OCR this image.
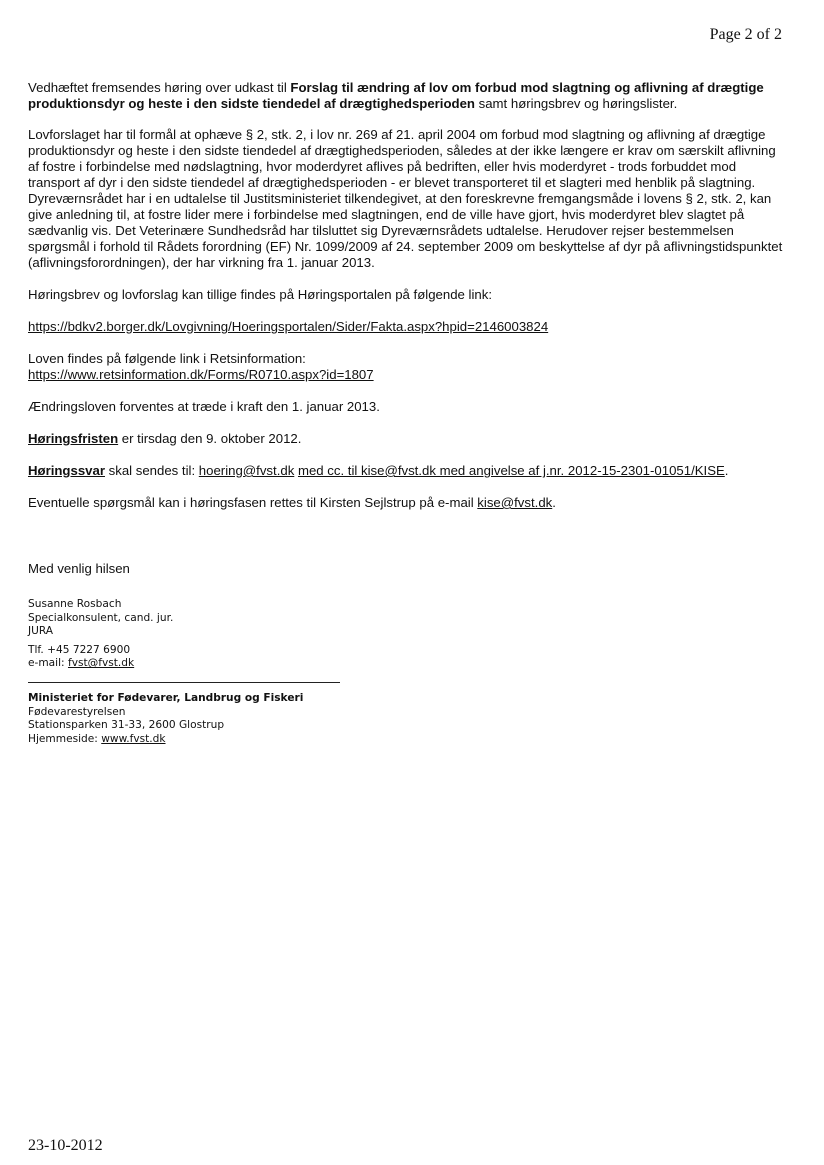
Page 2 of 2

Vedhæftet fremsendes høring over udkast til Forslag til ændring af lov om forbud mod slagtning og aflivning af drægtige produktionsdyr og heste i den sidste tiendedel af drægtighedsperioden samt høringsbrev og høringslister.

Lovforslaget har til formål at ophæve § 2, stk. 2, i lov nr. 269 af 21. april 2004 om forbud mod slagtning og aflivning af drægtige produktionsdyr og heste i den sidste tiendedel af drægtighedsperioden, således at der ikke længere er krav om særskilt aflivning af fostre i forbindelse med nødslagtning, hvor moderdyret aflives på bedriften, eller hvis moderdyret - trods forbuddet mod transport af dyr i den sidste tiendedel af drægtighedsperioden - er blevet transporteret til et slagteri med henblik på slagtning. Dyreværnsrådet har i en udtalelse til Justitsministeriet tilkendegivet, at den foreskrevne fremgangsmåde i lovens § 2, stk. 2, kan give anledning til, at fostre lider mere i forbindelse med slagtningen, end de ville have gjort, hvis moderdyret blev slagtet på sædvanlig vis. Det Veterinære Sundhedsråd har tilsluttet sig Dyreværnsrådets udtalelse. Herudover rejser bestemmelsen spørgsmål i forhold til Rådets forordning (EF) Nr. 1099/2009 af 24. september 2009 om beskyttelse af dyr på aflivningstidspunktet (aflivningsforordningen), der har virkning fra 1. januar 2013.

Høringsbrev og lovforslag kan tillige findes på Høringsportalen på følgende link:

https://bdkv2.borger.dk/Lovgivning/Hoeringsportalen/Sider/Fakta.aspx?hpid=2146003824

Loven findes på følgende link i Retsinformation:

https://www.retsinformation.dk/Forms/R0710.aspx?id=1807

Ændringsloven forventes at træde i kraft den 1. januar 2013.

Høringsfristen er tirsdag den 9. oktober 2012.

Høringssvar skal sendes til: hoering@fvst.dk med cc. til kise@fvst.dk med angivelse af j.nr. 2012-15-2301-01051/KISE.

Eventuelle spørgsmål kan i høringsfasen rettes til Kirsten Sejlstrup på e-mail kise@fvst.dk.

Med venlig hilsen

Susanne Rosbach

Specialkonsulent, cand. jur.

JURA

Tlf. +45 7227 6900

e-mail: fvst@fvst.dk

Ministeriet for Fødevarer, Landbrug og Fiskeri

Fødevarestyrelsen

Stationsparken 31-33, 2600 Glostrup

Hjemmeside: www.fvst.dk

23-10-2012
